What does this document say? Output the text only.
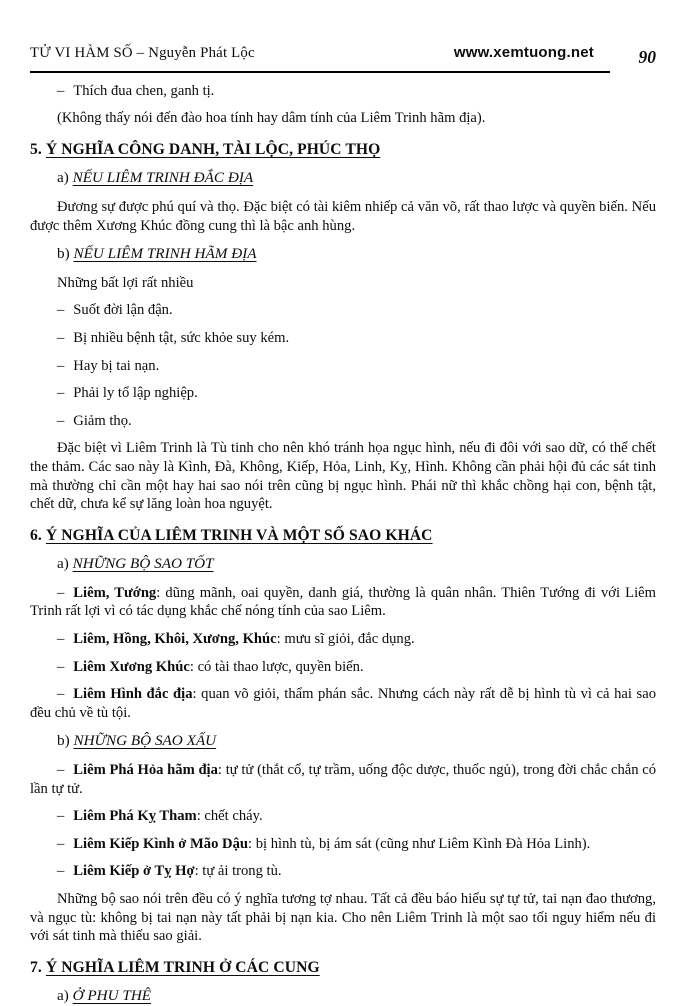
TỬ VI HÀM SỐ – Nguyễn Phát Lộc	www.xemtuong.net	90

– Thích đua chen, ganh tị.

(Không thấy nói đến đào hoa tính hay dâm tính của Liêm Trinh hãm địa).

5. Ý NGHĨA CÔNG DANH, TÀI LỘC, PHÚC THỌ

a) NẾU LIÊM TRINH ĐẮC ĐỊA

Đương sự được phú quí và thọ. Đặc biệt có tài kiêm nhiếp cả văn võ, rất thao lược và quyền biến. Nếu được thêm Xương Khúc đồng cung thì là bậc anh hùng.

b) NẾU LIÊM TRINH HÃM ĐỊA

Những bất lợi rất nhiều

– Suốt đời lận đận.

– Bị nhiều bệnh tật, sức khỏe suy kém.

– Hay bị tai nạn.

– Phải ly tổ lập nghiệp.

– Giảm thọ.

Đặc biệt vì Liêm Trinh là Tù tinh cho nên khó tránh họa ngục hình, nếu đi đôi với sao dữ, có thể chết the thảm. Các sao này là Kình, Đà, Không, Kiếp, Hỏa, Linh, Kỵ, Hình. Không cần phải hội đủ các sát tinh mà thường chỉ cần một hay hai sao nói trên cũng bị ngục hình. Phái nữ thì khắc chồng hại con, bệnh tật, chết dữ, chưa kể sự lăng loàn hoa nguyệt.

6. Ý NGHĨA CỦA LIÊM TRINH VÀ MỘT SỐ SAO KHÁC

a) NHỮNG BỘ SAO TỐT

– Liêm, Tướng: dũng mãnh, oai quyền, danh giá, thường là quân nhân. Thiên Tướng đi với Liêm Trinh rất lợi vì có tác dụng khắc chế nóng tính của sao Liêm.

– Liêm, Hồng, Khôi, Xương, Khúc: mưu sĩ giỏi, đắc dụng.

– Liêm Xương Khúc: có tài thao lược, quyền biến.

– Liêm Hình đắc địa: quan võ giỏi, thẩm phán sắc. Nhưng cách này rất dễ bị hình tù vì cả hai sao đều chủ về tù tội.

b) NHỮNG BỘ SAO XẤU

– Liêm Phá Hỏa hãm địa: tự tử (thắt cổ, tự trầm, uống độc dược, thuốc ngủ), trong đời chắc chắn có lần tự tử.

– Liêm Phá Kỵ Tham: chết cháy.

– Liêm Kiếp Kình ở Mão Dậu: bị hình tù, bị ám sát (cũng như Liêm Kình Đà Hỏa Linh).

– Liêm Kiếp ở Tỵ Hợ: tự ải trong tù.

Những bộ sao nói trên đều có ý nghĩa tương tợ nhau. Tất cả đều báo hiểu sự tự tử, tai nạn đao thương, và ngục tù: không bị tai nạn này tất phải bị nạn kia. Cho nên Liêm Trinh là một sao tối nguy hiểm nếu đi với sát tinh mà thiếu sao giải.

7. Ý NGHĨA LIÊM TRINH Ở CÁC CUNG

a) Ở PHU THÊ
